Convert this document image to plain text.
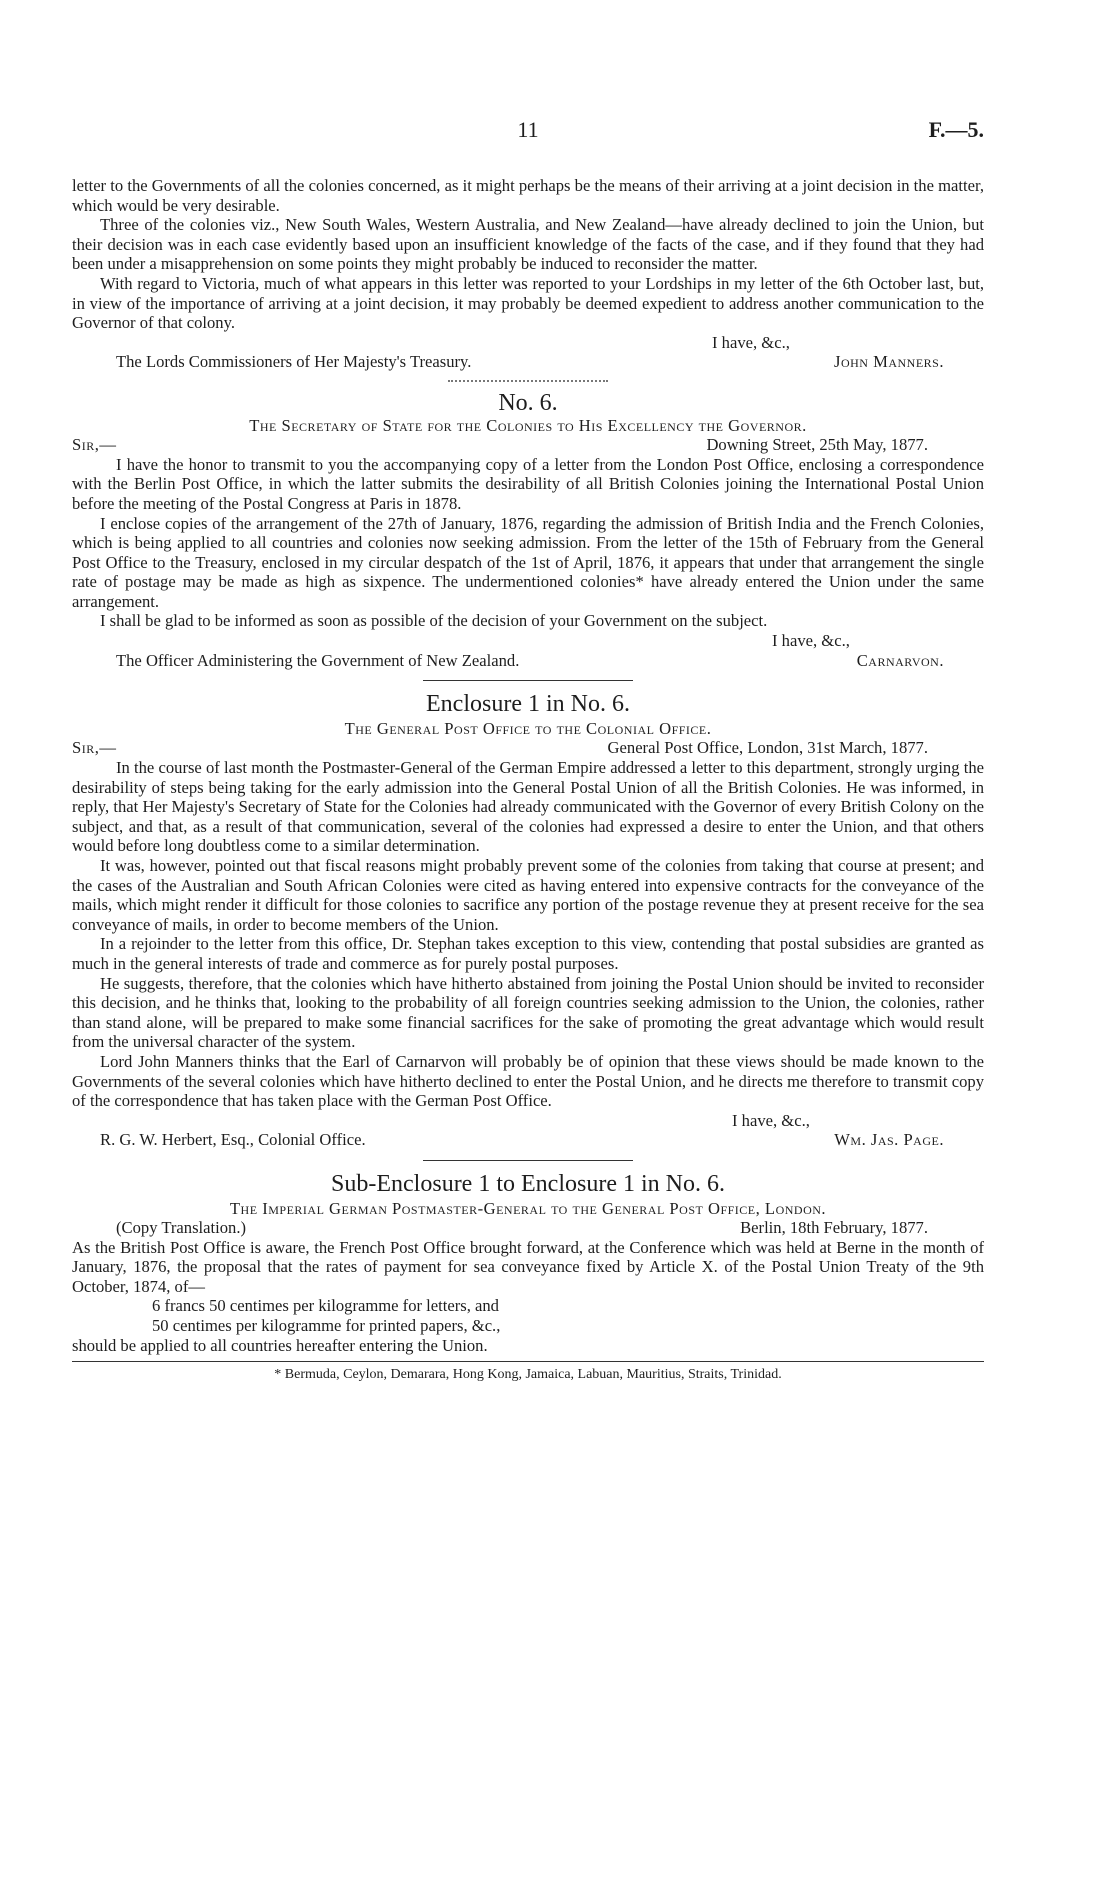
11	F.—5.

letter to the Governments of all the colonies concerned, as it might perhaps be the means of their arriving at a joint decision in the matter, which would be very desirable.

Three of the colonies viz., New South Wales, Western Australia, and New Zealand—have already declined to join the Union, but their decision was in each case evidently based upon an insufficient knowledge of the facts of the case, and if they found that they had been under a misapprehension on some points they might probably be induced to reconsider the matter.

With regard to Victoria, much of what appears in this letter was reported to your Lordships in my letter of the 6th October last, but, in view of the importance of arriving at a joint decision, it may probably be deemed expedient to address another communication to the Governor of that colony.

I have, &c.,
The Lords Commissioners of Her Majesty's Treasury.	John Manners.
No. 6.
The Secretary of State for the Colonies to His Excellency the Governor.
Sir,—	Downing Street, 25th May, 1877.

I have the honor to transmit to you the accompanying copy of a letter from the London Post Office, enclosing a correspondence with the Berlin Post Office, in which the latter submits the desirability of all British Colonies joining the International Postal Union before the meeting of the Postal Congress at Paris in 1878.

I enclose copies of the arrangement of the 27th of January, 1876, regarding the admission of British India and the French Colonies, which is being applied to all countries and colonies now seeking admission. From the letter of the 15th of February from the General Post Office to the Treasury, enclosed in my circular despatch of the 1st of April, 1876, it appears that under that arrangement the single rate of postage may be made as high as sixpence. The undermentioned colonies* have already entered the Union under the same arrangement.

I shall be glad to be informed as soon as possible of the decision of your Government on the subject.

I have, &c.,
The Officer Administering the Government of New Zealand.	Carnarvon.
Enclosure 1 in No. 6.
The General Post Office to the Colonial Office.
Sir,—	General Post Office, London, 31st March, 1877.

In the course of last month the Postmaster-General of the German Empire addressed a letter to this department, strongly urging the desirability of steps being taking for the early admission into the General Postal Union of all the British Colonies. He was informed, in reply, that Her Majesty's Secretary of State for the Colonies had already communicated with the Governor of every British Colony on the subject, and that, as a result of that communication, several of the colonies had expressed a desire to enter the Union, and that others would before long doubtless come to a similar determination.

It was, however, pointed out that fiscal reasons might probably prevent some of the colonies from taking that course at present; and the cases of the Australian and South African Colonies were cited as having entered into expensive contracts for the conveyance of the mails, which might render it difficult for those colonies to sacrifice any portion of the postage revenue they at present receive for the sea conveyance of mails, in order to become members of the Union.

In a rejoinder to the letter from this office, Dr. Stephan takes exception to this view, contending that postal subsidies are granted as much in the general interests of trade and commerce as for purely postal purposes.

He suggests, therefore, that the colonies which have hitherto abstained from joining the Postal Union should be invited to reconsider this decision, and he thinks that, looking to the probability of all foreign countries seeking admission to the Union, the colonies, rather than stand alone, will be prepared to make some financial sacrifices for the sake of promoting the great advantage which would result from the universal character of the system.

Lord John Manners thinks that the Earl of Carnarvon will probably be of opinion that these views should be made known to the Governments of the several colonies which have hitherto declined to enter the Postal Union, and he directs me therefore to transmit copy of the correspondence that has taken place with the German Post Office.

I have, &c.,
R. G. W. Herbert, Esq., Colonial Office.	Wm. Jas. Page.
Sub-Enclosure 1 to Enclosure 1 in No. 6.
The Imperial German Postmaster-General to the General Post Office, London.
(Copy Translation.)	Berlin, 18th February, 1877.

As the British Post Office is aware, the French Post Office brought forward, at the Conference which was held at Berne in the month of January, 1876, the proposal that the rates of payment for sea conveyance fixed by Article X. of the Postal Union Treaty of the 9th October, 1874, of—

6 francs 50 centimes per kilogramme for letters, and
50 centimes per kilogramme for printed papers, &c.,

should be applied to all countries hereafter entering the Union.

* Bermuda, Ceylon, Demarara, Hong Kong, Jamaica, Labuan, Mauritius, Straits, Trinidad.
